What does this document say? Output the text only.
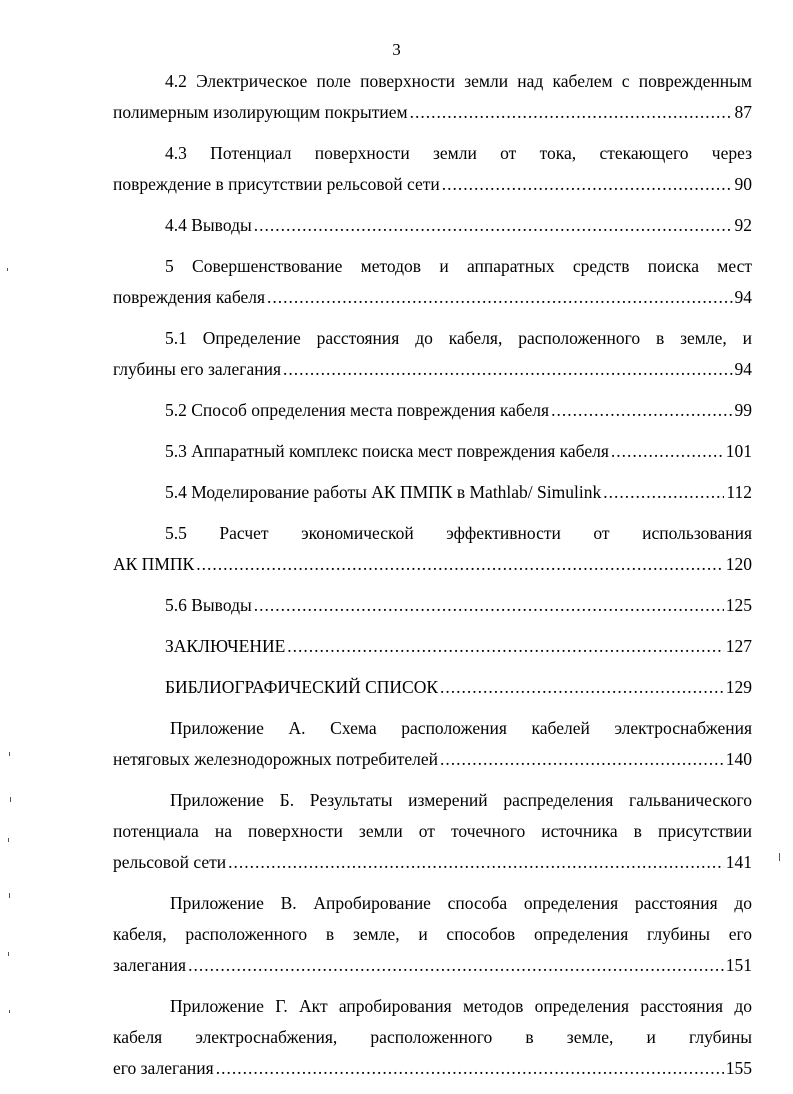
3
4.2 Электрическое поле поверхности земли над кабелем с поврежденным
полимерным изолирующим покрытием .....	87
4.3 Потенциал поверхности земли от тока, стекающего через
повреждение в присутствии рельсовой сети .....	90
4.4 Выводы .....	92
5 Совершенствование методов и аппаратных средств поиска мест
повреждения кабеля .....	94
5.1 Определение расстояния до кабеля, расположенного в земле, и
глубины его залегания .....	94
5.2 Способ определения места повреждения кабеля .....	99
5.3 Аппаратный комплекс поиска мест повреждения кабеля .....	101
5.4 Моделирование работы АК ПМПК в Mathlab/ Simulink .....	112
5.5 Расчет экономической эффективности от использования
АК ПМПК .....	120
5.6 Выводы .....	125
ЗАКЛЮЧЕНИЕ .....	127
БИБЛИОГРАФИЧЕСКИЙ СПИСОК .....	129
Приложение А. Схема расположения кабелей электроснабжения
нетяговых железнодорожных потребителей .....	140
Приложение Б. Результаты измерений распределения гальванического
потенциала на поверхности земли от точечного источника в присутствии
рельсовой сети .....	141
Приложение В. Апробирование способа определения расстояния до
кабеля, расположенного в земле, и способов определения глубины его
залегания .....	151
Приложение Г. Акт апробирования методов определения расстояния до
кабеля электроснабжения, расположенного в земле, и глубины
его залегания .....	155
